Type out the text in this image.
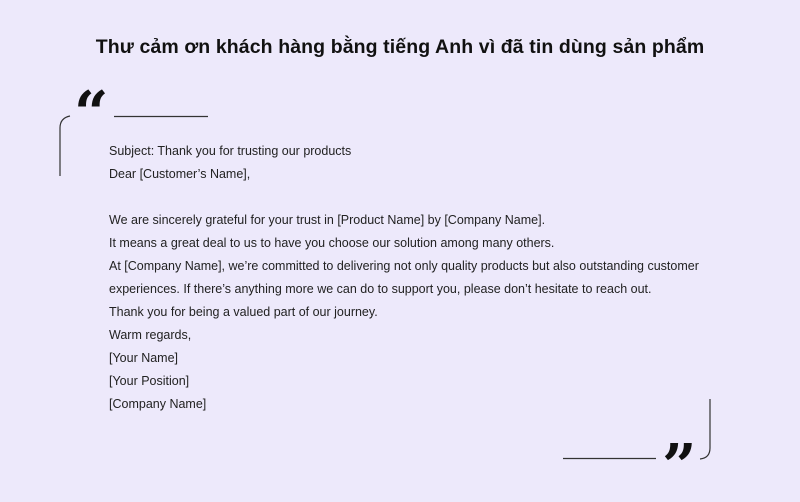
Thư cảm ơn khách hàng bằng tiếng Anh vì đã tin dùng sản phẩm
“
”
Subject: Thank you for trusting our products
Dear [Customer’s Name],
We are sincerely grateful for your trust in [Product Name] by [Company Name].
It means a great deal to us to have you choose our solution among many others.
At [Company Name], we’re committed to delivering not only quality products but also outstanding customer
experiences. If there’s anything more we can do to support you, please don’t hesitate to reach out.
Thank you for being a valued part of our journey.
Warm regards,
[Your Name]
[Your Position]
[Company Name]
